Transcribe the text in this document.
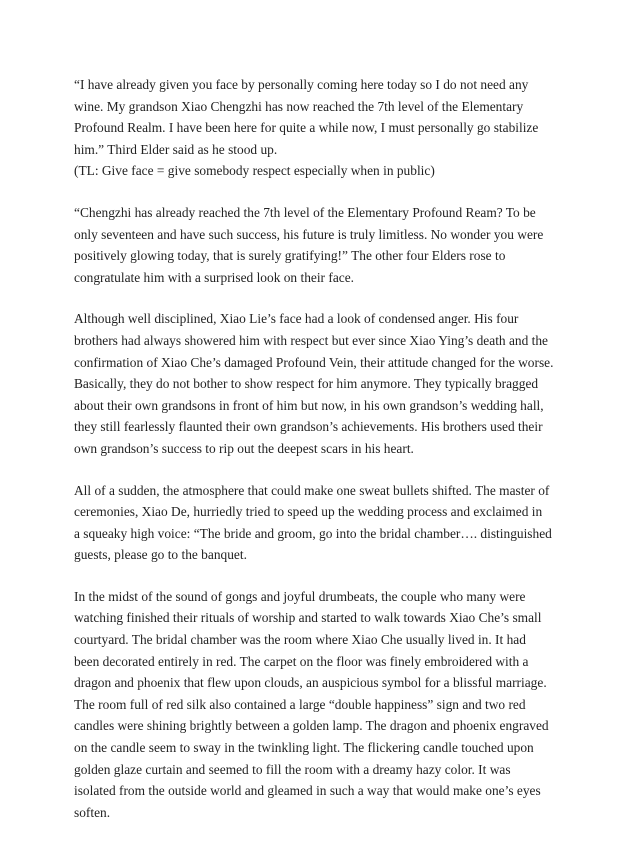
“I have already given you face by personally coming here today so I do not need any
wine. My grandson Xiao Chengzhi has now reached the 7th level of the Elementary
Profound Realm. I have been here for quite a while now, I must personally go stabilize
him.” Third Elder said as he stood up.
(TL: Give face = give somebody respect especially when in public)

“Chengzhi has already reached the 7th level of the Elementary Profound Ream? To be
only seventeen and have such success, his future is truly limitless. No wonder you were
positively glowing today, that is surely gratifying!” The other four Elders rose to
congratulate him with a surprised look on their face.

Although well disciplined, Xiao Lie’s face had a look of condensed anger. His four
brothers had always showered him with respect but ever since Xiao Ying’s death and the
confirmation of Xiao Che’s damaged Profound Vein, their attitude changed for the worse.
Basically, they do not bother to show respect for him anymore. They typically bragged
about their own grandsons in front of him but now, in his own grandson’s wedding hall,
they still fearlessly flaunted their own grandson’s achievements. His brothers used their
own grandson’s success to rip out the deepest scars in his heart.

All of a sudden, the atmosphere that could make one sweat bullets shifted. The master of
ceremonies, Xiao De, hurriedly tried to speed up the wedding process and exclaimed in
a squeaky high voice: “The bride and groom, go into the bridal chamber…. distinguished
guests, please go to the banquet.

In the midst of the sound of gongs and joyful drumbeats, the couple who many were
watching finished their rituals of worship and started to walk towards Xiao Che’s small
courtyard. The bridal chamber was the room where Xiao Che usually lived in. It had
been decorated entirely in red. The carpet on the floor was finely embroidered with a
dragon and phoenix that flew upon clouds, an auspicious symbol for a blissful marriage.
The room full of red silk also contained a large “double happiness” sign and two red
candles were shining brightly between a golden lamp. The dragon and phoenix engraved
on the candle seem to sway in the twinkling light. The flickering candle touched upon
golden glaze curtain and seemed to fill the room with a dreamy hazy color. It was
isolated from the outside world and gleamed in such a way that would make one’s eyes
soften.
